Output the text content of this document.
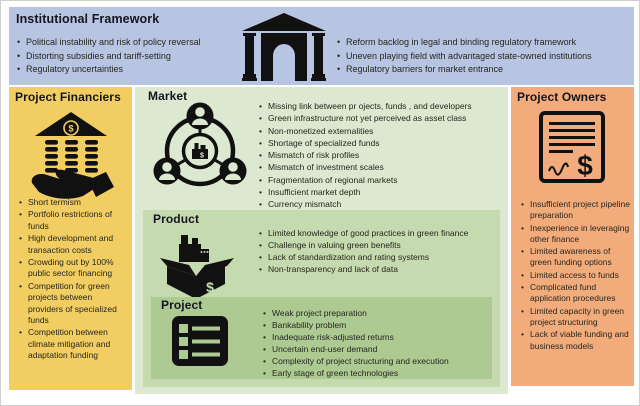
Institutional Framework
• Political instability and risk of policy reversal
• Distorting subsidies and tariff-setting
• Regulatory uncertainties
• Reform backlog in legal and binding regulatory framework
• Uneven playing field with advantaged state-owned institutions
• Regulatory barriers for market entrance
Project Financiers
$
• Short termism
• Portfolio restrictions of funds
• High development and transaction costs
• Crowding out by 100% public sector financing
• Competition for green projects between providers of specialized funds
• Competition between climate mitigation and adaptation funding
Market
$
• Missing link between pr ojects, funds , and developers
• Green infrastructure not yet perceived as asset class
• Non-monetized externalities
• Shortage of specialized funds
• Mismatch of risk profiles
• Mismatch of investment scales
• Fragmentation of regional markets
• Insufficient market depth
• Currency mismatch
Product
$
• Limited knowledge of good practices in green finance
• Challenge in valuing green benefits
• Lack of standardization and rating systems
• Non-transparency and lack of data
Project
• Weak project preparation
• Bankability problem
• Inadequate risk-adjusted returns
• Uncertain end-user demand
• Complexity of project structuring and execution
• Early stage of green technologies
Project Owners
$
• Insufficient project pipeline preparation
• Inexperience in leveraging other finance
• Limited awareness of green funding options
• Limited access to funds
• Complicated fund application procedures
• Limited capacity in green project structuring
• Lack of viable funding and business models
